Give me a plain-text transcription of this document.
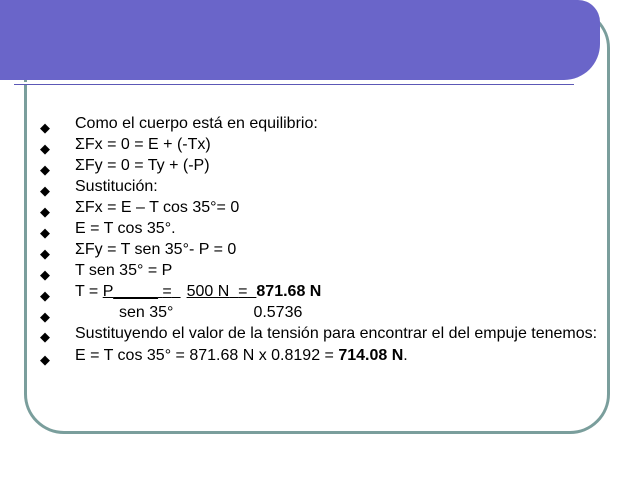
◆ Como el cuerpo está en equilibrio:
◆ ΣFx = 0 = E + (-Tx)
◆ ΣFy = 0 = Ty + (-P)
◆ Sustitución:
◆ ΣFx = E – T cos 35°= 0
◆ E = T cos 35°.
◆ ΣFy = T sen 35°- P = 0
◆ T sen 35° = P
◆ T = P_____ = 500 N = 871.68 N
◆	sen 35°	0.5736
◆ Sustituyendo el valor de la tensión para encontrar el del empuje tenemos:
◆ E = T cos 35° = 871.68 N x 0.8192 = 714.08 N.
